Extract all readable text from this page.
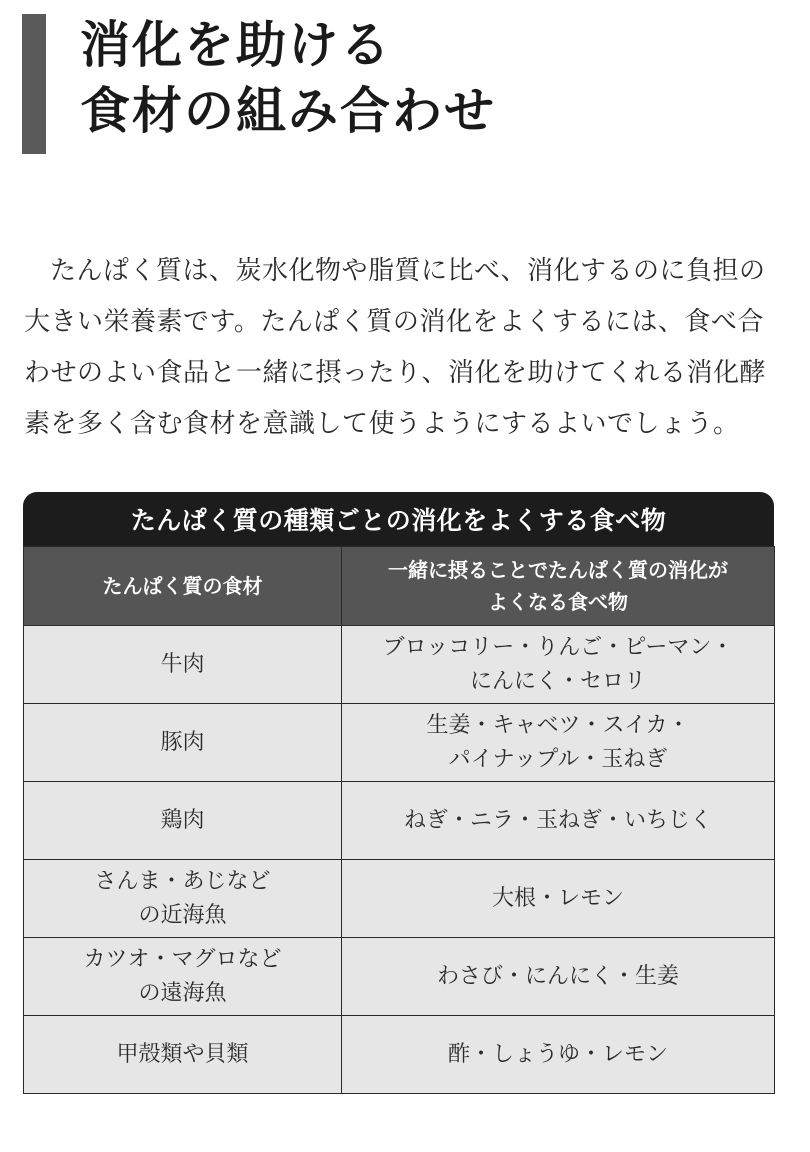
消化を助ける
食材の組み合わせ

たんぱく質は、炭水化物や脂質に比べ、消化するのに負担の大きい栄養素です。たんぱく質の消化をよくするには、食べ合わせのよい食品と一緒に摂ったり、消化を助けてくれる消化酵素を多く含む食材を意識して使うようにするよいでしょう。

たんぱく質の種類ごとの消化をよくする食べ物
たんぱく質の食材	一緒に摂ることでたんぱく質の消化が
よくなる食べ物

牛肉	ブロッコリー・りんご・ピーマン・
にんにく・セロリ

豚肉	生姜・キャベツ・スイカ・
パイナップル・玉ねぎ

鶏肉	ねぎ・ニラ・玉ねぎ・いちじく

さんま・あじなど
の近海魚	大根・レモン

カツオ・マグロなど
の遠海魚	わさび・にんにく・生姜

甲殻類や貝類	酢・しょうゆ・レモン
